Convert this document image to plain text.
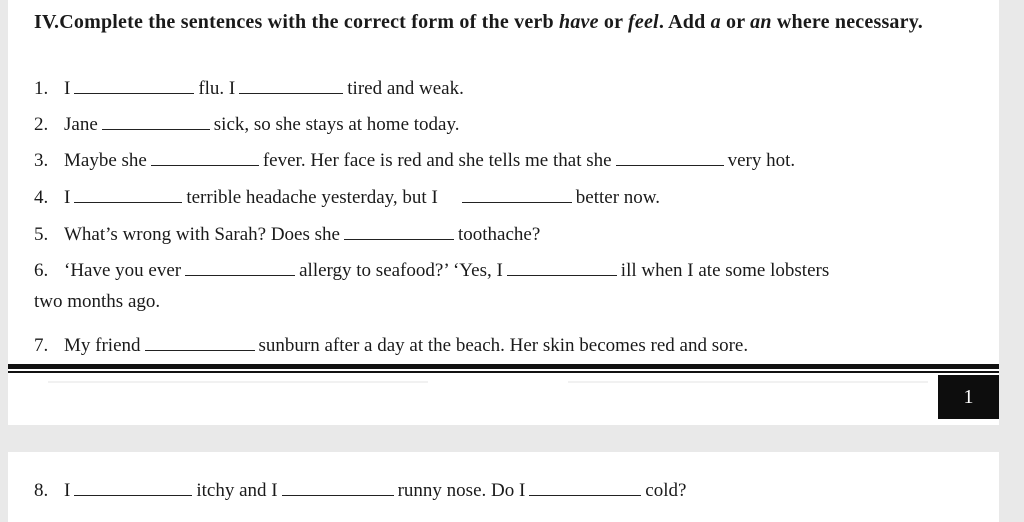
IV.Complete the sentences with the correct form of the verb have or feel. Add a or an where necessary.
1. I	flu. I	tired and weak.
2. Jane	sick, so she stays at home today.
3. Maybe she	fever. Her face is red and she tells me that she	very hot.
4. I	terrible headache yesterday, but I	better now.
5. What’s wrong with Sarah? Does she	toothache?
6. ‘Have you ever	allergy to seafood?’ ‘Yes, I	ill when I ate some lobsters
two months ago.
7. My friend	sunburn after a day at the beach. Her skin becomes red and sore.
1
8. I	itchy and I	runny nose. Do I	cold?
